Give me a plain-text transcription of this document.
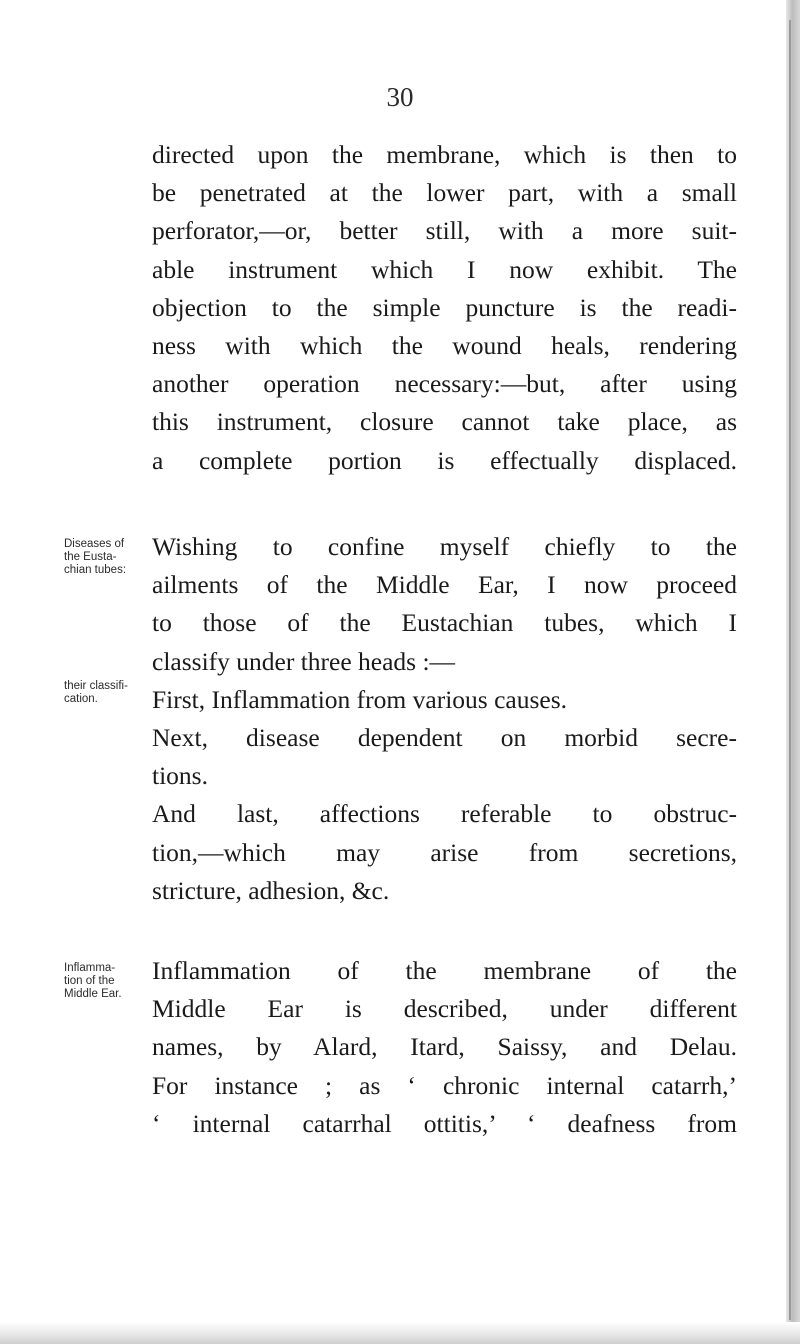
30
directed upon the membrane, which is then to
be penetrated at the lower part, with a small
perforator,—or, better still, with a more suit-
able instrument which I now exhibit. The
objection to the simple puncture is the readi-
ness with which the wound heals, rendering
another operation necessary:—but, after using
this instrument, closure cannot take place, as
a complete portion is effectually displaced.
Diseases of
the Eusta-
chian tubes:
Wishing to confine myself chiefly to the
ailments of the Middle Ear, I now proceed
to those of the Eustachian tubes, which I
classify under three heads :—
First, Inflammation from various causes.
Next, disease dependent on morbid secre-
tions.
And last, affections referable to obstruc-
tion,—which may arise from secretions,
stricture, adhesion, &c.
their classifi-
cation.
Inflamma-
tion of the
Middle Ear.
Inflammation of the membrane of the
Middle Ear is described, under different
names, by Alard, Itard, Saissy, and Delau.
For instance ; as ‘ chronic internal catarrh,’
‘ internal catarrhal ottitis,’ ‘ deafness from
